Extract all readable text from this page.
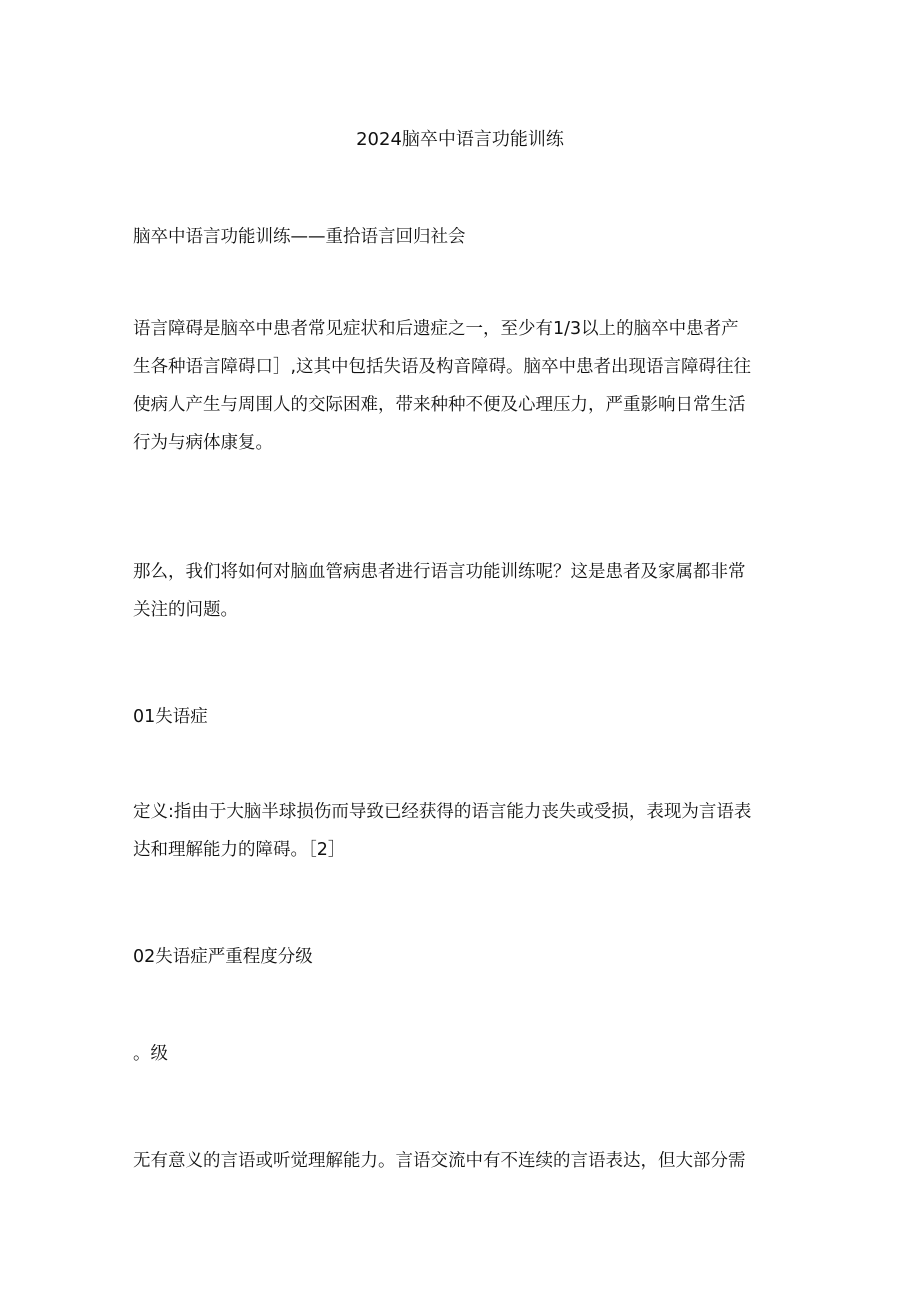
2024脑卒中语言功能训练

脑卒中语言功能训练——重拾语言回归社会

语言障碍是脑卒中患者常见症状和后遗症之一，至少有1/3以上的脑卒中患者产
生各种语言障碍口］,这其中包括失语及构音障碍。脑卒中患者出现语言障碍往往
使病人产生与周围人的交际困难，带来种种不便及心理压力，严重影响日常生活
行为与病体康复。

那么，我们将如何对脑血管病患者进行语言功能训练呢？这是患者及家属都非常
关注的问题。

01失语症

定义:指由于大脑半球损伤而导致已经获得的语言能力丧失或受损，表现为言语表
达和理解能力的障碍。［2］

02失语症严重程度分级

。级

无有意义的言语或听觉理解能力。言语交流中有不连续的言语表达，但大部分需
